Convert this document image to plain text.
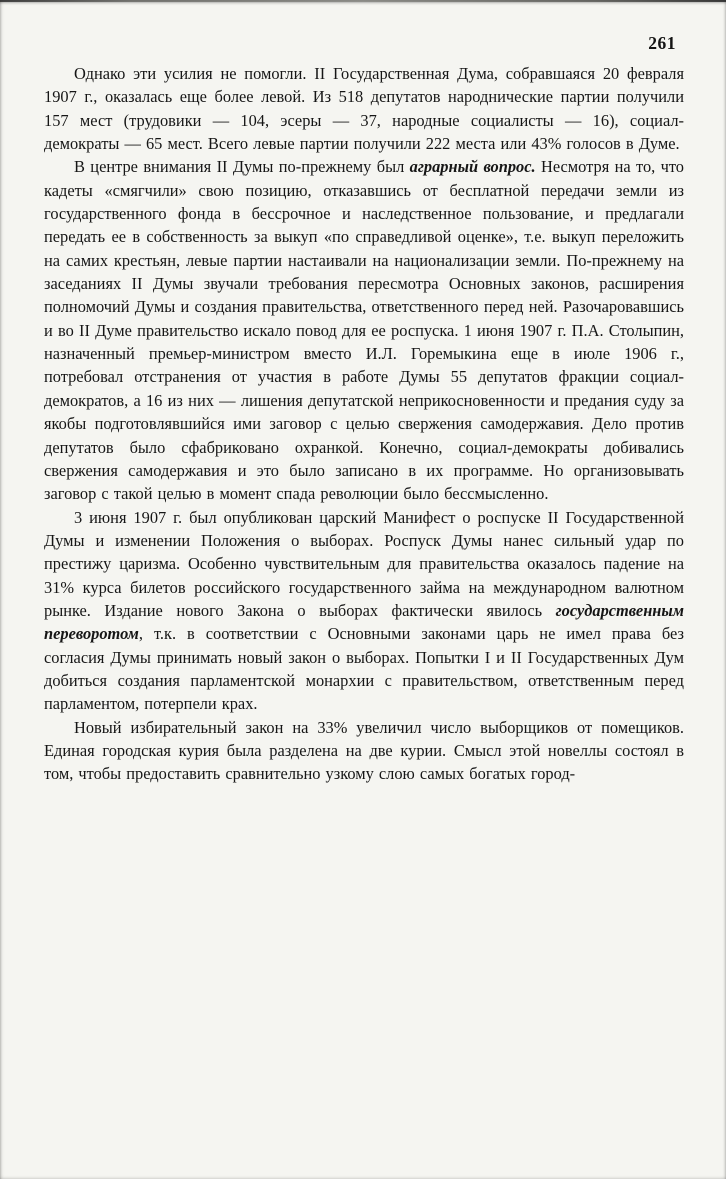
261

Однако эти усилия не помогли. II Государственная Дума, собравшаяся 20 февраля 1907 г., оказалась еще более левой. Из 518 депутатов народнические партии получили 157 мест (трудовики — 104, эсеры — 37, народные социалисты — 16), социал-демократы — 65 мест. Всего левые партии получили 222 места или 43% голосов в Думе.

В центре внимания II Думы по-прежнему был аграрный вопрос. Несмотря на то, что кадеты «смягчили» свою позицию, отказавшись от бесплатной передачи земли из государственного фонда в бессрочное и наследственное пользование, и предлагали передать ее в собственность за выкуп «по справедливой оценке», т.е. выкуп переложить на самих крестьян, левые партии настаивали на национализации земли. По-прежнему на заседаниях II Думы звучали требования пересмотра Основных законов, расширения полномочий Думы и создания правительства, ответственного перед ней. Разочаровавшись и во II Думе правительство искало повод для ее роспуска. 1 июня 1907 г. П.А. Столыпин, назначенный премьер-министром вместо И.Л. Горемыкина еще в июле 1906 г., потребовал отстранения от участия в работе Думы 55 депутатов фракции социал-демократов, а 16 из них — лишения депутатской неприкосновенности и предания суду за якобы подготовлявшийся ими заговор с целью свержения самодержавия. Дело против депутатов было сфабриковано охранкой. Конечно, социал-демократы добивались свержения самодержавия и это было записано в их программе. Но организовывать заговор с такой целью в момент спада революции было бессмысленно.

3 июня 1907 г. был опубликован царский Манифест о роспуске II Государственной Думы и изменении Положения о выборах. Роспуск Думы нанес сильный удар по престижу царизма. Особенно чувствительным для правительства оказалось падение на 31% курса билетов российского государственного займа на международном валютном рынке. Издание нового Закона о выборах фактически явилось государственным переворотом, т.к. в соответствии с Основными законами царь не имел права без согласия Думы принимать новый закон о выборах. Попытки I и II Государственных Дум добиться создания парламентской монархии с правительством, ответственным перед парламентом, потерпели крах.

Новый избирательный закон на 33% увеличил число выборщиков от помещиков. Единая городская курия была разделена на две курии. Смысл этой новеллы состоял в том, чтобы предоставить сравнительно узкому слою самых богатых город-
